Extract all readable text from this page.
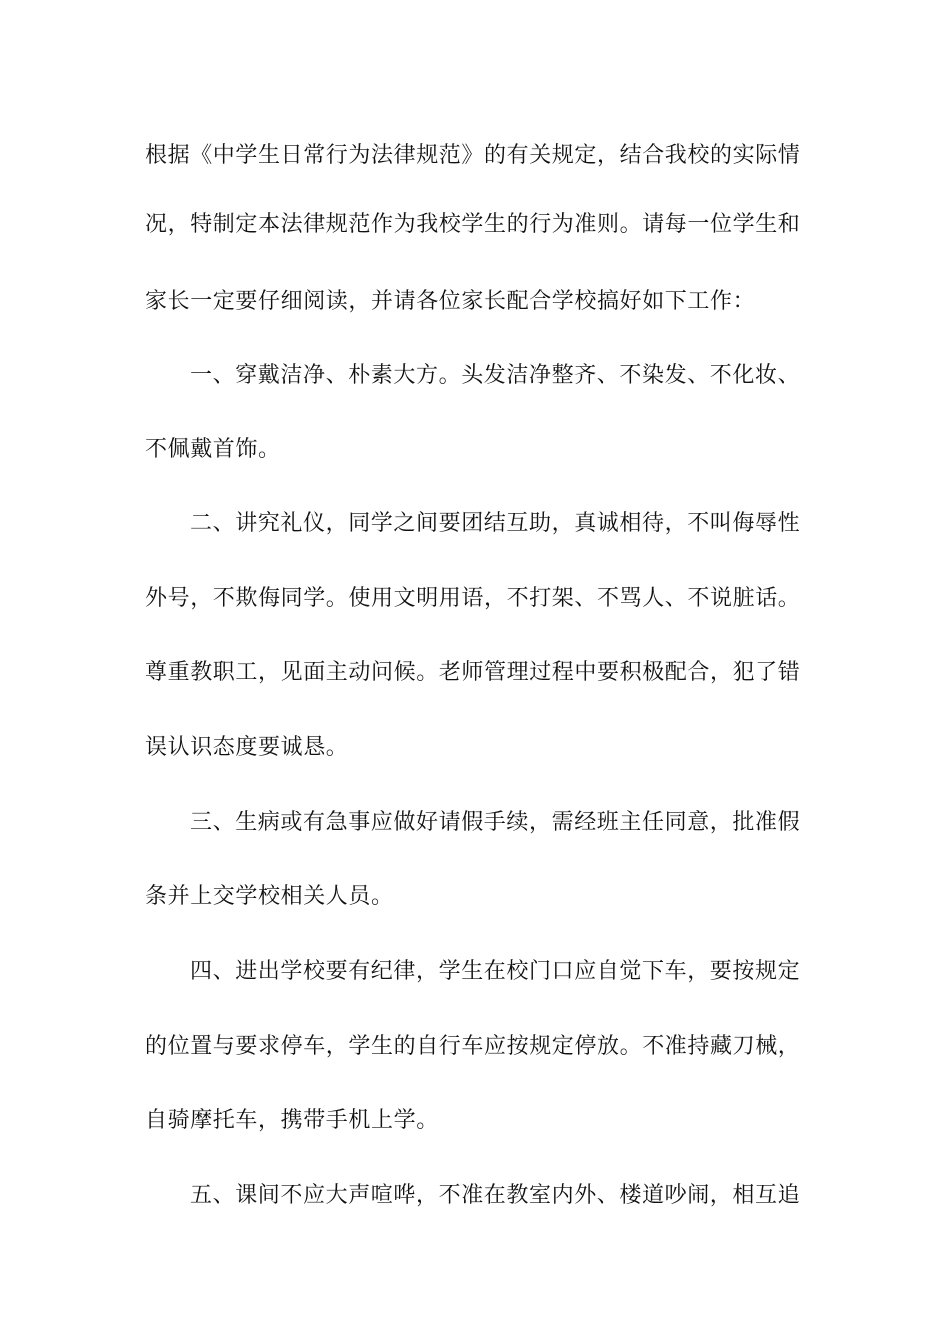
根据《中学生日常行为法律规范》的有关规定，结合我校的实际情
况，特制定本法律规范作为我校学生的行为准则。请每一位学生和
家长一定要仔细阅读，并请各位家长配合学校搞好如下工作：
一、穿戴洁净、朴素大方。头发洁净整齐、不染发、不化妆、
不佩戴首饰。
二、讲究礼仪，同学之间要团结互助，真诚相待，不叫侮辱性
外号，不欺侮同学。使用文明用语，不打架、不骂人、不说脏话。
尊重教职工，见面主动问候。老师管理过程中要积极配合，犯了错
误认识态度要诚恳。
三、生病或有急事应做好请假手续，需经班主任同意，批准假
条并上交学校相关人员。
四、进出学校要有纪律，学生在校门口应自觉下车，要按规定
的位置与要求停车，学生的自行车应按规定停放。不准持藏刀械，
自骑摩托车，携带手机上学。
五、课间不应大声喧哗，不准在教室内外、楼道吵闹，相互追
